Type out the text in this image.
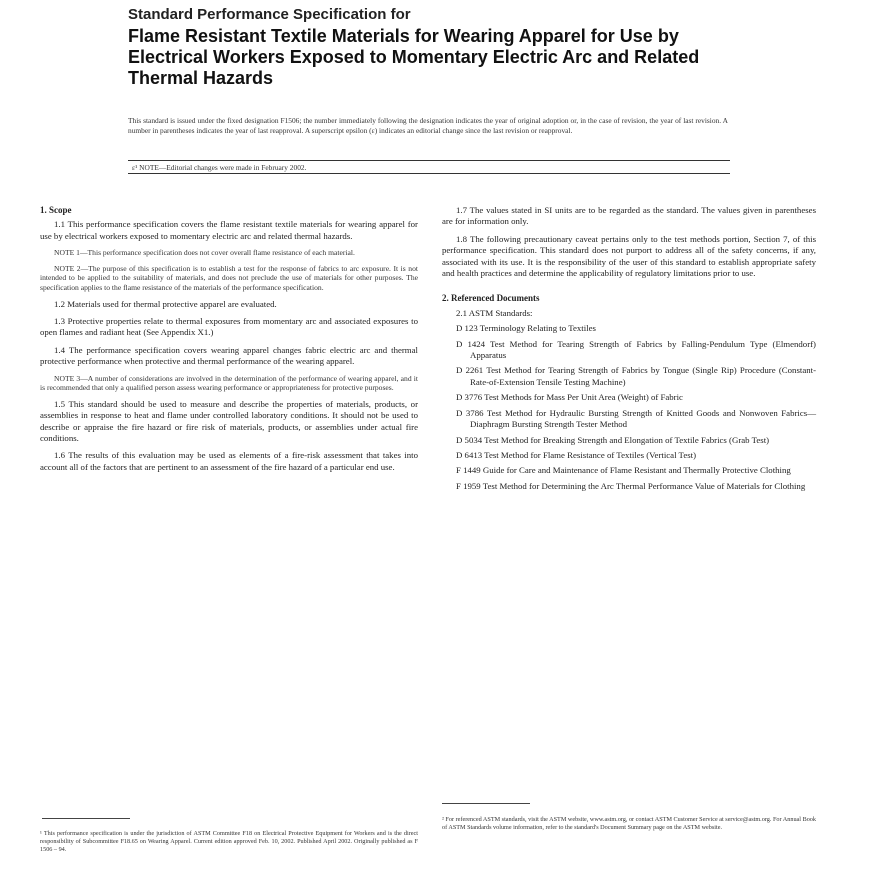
Standard Performance Specification for

Flame Resistant Textile Materials for Wearing Apparel for Use by Electrical Workers Exposed to Momentary Electric Arc and Related Thermal Hazards

This standard is issued under the fixed designation F1506; the number immediately following the designation indicates the year of original adoption or, in the case of revision, the year of last revision. A number in parentheses indicates the year of last reapproval. A superscript epsilon (ε) indicates an editorial change since the last revision or reapproval.

ε¹ NOTE—Editorial changes were made in February 2002.

1. Scope

1.1 This performance specification covers the flame resistant textile materials for wearing apparel for use by electrical workers exposed to momentary electric arc and related thermal hazards.

NOTE 1—This performance specification does not cover overall flame resistance of each material.

NOTE 2—The purpose of this specification is to establish a test for the response of fabrics to arc exposure. It is not intended to be applied to the suitability of materials, and does not preclude the use of materials for other purposes. The specification applies to the flame resistance of the materials of the performance specification.

1.2 Materials used for thermal protective apparel are evaluated.

1.3 Protective properties relate to thermal exposures from momentary arc and associated exposures to open flames and radiant heat (See Appendix X1.)

1.4 The performance specification covers wearing apparel changes fabric electric arc and thermal protective performance when protective and thermal performance of the wearing apparel.

NOTE 3—A number of considerations are involved in the determination of the performance of wearing apparel, and it is recommended that only a qualified person assess wearing performance or appropriateness for protective purposes.

1.5 This standard should be used to measure and describe the properties of materials, products, or assemblies in response to heat and flame under controlled laboratory conditions. It should not be used to describe or appraise the fire hazard or fire risk of materials, products, or assemblies under actual fire conditions.

1.6 The results of this evaluation may be used as elements of a fire-risk assessment that takes into account all of the factors that are pertinent to an assessment of the fire hazard of a particular end use.

1.7 The values stated in SI units are to be regarded as the standard. The values given in parentheses are for information only.

1.8 The following precautionary caveat pertains only to the test methods portion, Section 7, of this performance specification. This standard does not purport to address all of the safety concerns, if any, associated with its use. It is the responsibility of the user of this standard to establish appropriate safety and health practices and determine the applicability of regulatory limitations prior to use.

2. Referenced Documents

2.1 ASTM Standards:
D 123 Terminology Relating to Textiles
D 1424 Test Method for Tearing Strength of Fabrics by Falling-Pendulum Type (Elmendorf) Apparatus
D 2261 Test Method for Tearing Strength of Fabrics by Tongue (Single Rip) Procedure (Constant-Rate-of-Extension Tensile Testing Machine)
D 3776 Test Methods for Mass Per Unit Area (Weight) of Fabric
D 3786 Test Method for Hydraulic Bursting Strength of Knitted Goods and Nonwoven Fabrics—Diaphragm Bursting Strength Tester Method
D 5034 Test Method for Breaking Strength and Elongation of Textile Fabrics (Grab Test)
D 6413 Test Method for Flame Resistance of Textiles (Vertical Test)
F 1449 Guide for Care and Maintenance of Flame Resistant and Thermally Protective Clothing
F 1959 Test Method for Determining the Arc Thermal Performance Value of Materials for Clothing

¹ This performance specification is under the jurisdiction of ASTM Committee F18 on Electrical Protective Equipment for Workers and is the direct responsibility of Subcommittee F18.65 on Wearing Apparel. Current edition approved Feb. 10, 2002. Published April 2002. Originally published as F 1506 – 94.

² For referenced ASTM standards, visit the ASTM website, www.astm.org, or contact ASTM Customer Service at service@astm.org. For Annual Book of ASTM Standards volume information, refer to the standard's Document Summary page on the ASTM website.
